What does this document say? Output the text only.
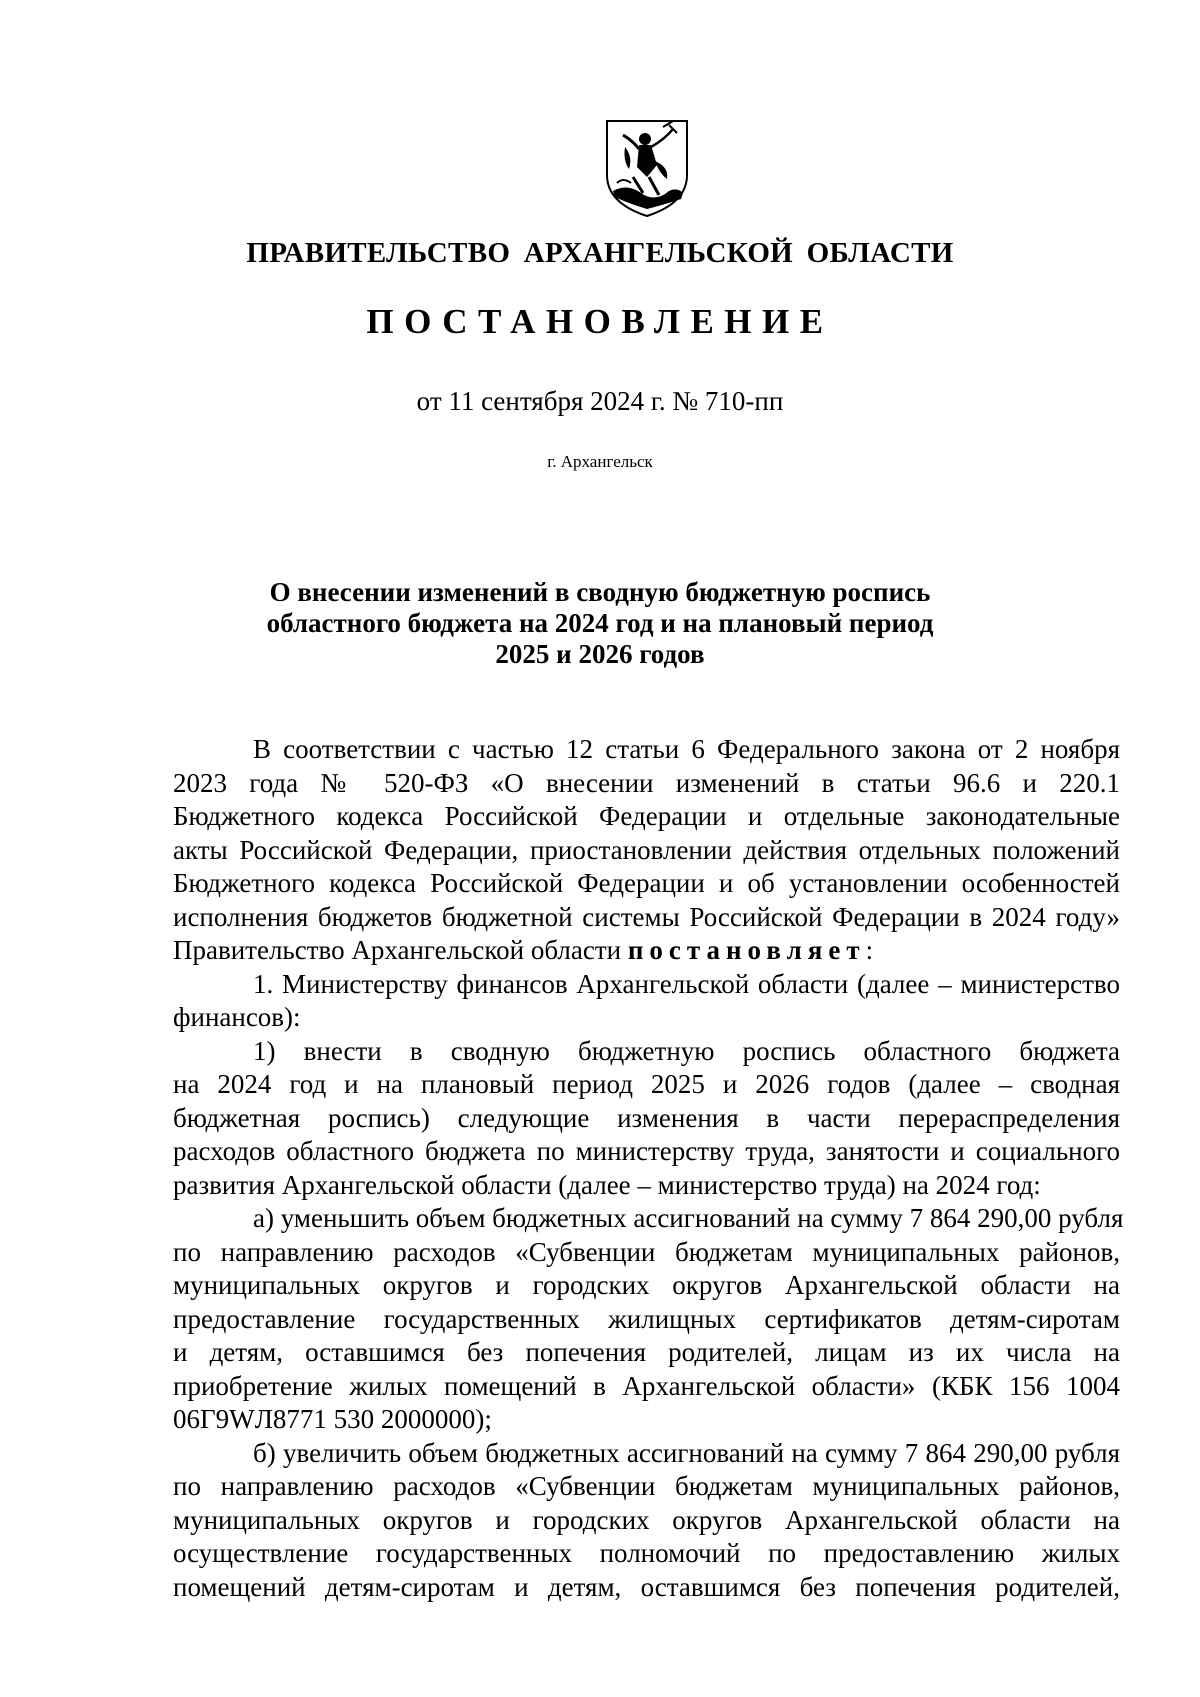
ПРАВИТЕЛЬСТВО АРХАНГЕЛЬСКОЙ ОБЛАСТИ
ПОСТАНОВЛЕНИЕ
от 11 сентября 2024 г. № 710-пп
г. Архангельск
О внесении изменений в сводную бюджетную роспись
областного бюджета на 2024 год и на плановый период
2025 и 2026 годов
В соответствии с частью 12 статьи 6 Федерального закона от 2 ноября
2023 года № 520-ФЗ «О внесении изменений в статьи 96.6 и 220.1
Бюджетного кодекса Российской Федерации и отдельные законодательные
акты Российской Федерации, приостановлении действия отдельных положений
Бюджетного кодекса Российской Федерации и об установлении особенностей
исполнения бюджетов бюджетной системы Российской Федерации в 2024 году»
Правительство Архангельской области постановляет:
1. Министерству финансов Архангельской области (далее – министерство
финансов):
1) внести в сводную бюджетную роспись областного бюджета
на 2024 год и на плановый период 2025 и 2026 годов (далее – сводная
бюджетная роспись) следующие изменения в части перераспределения
расходов областного бюджета по министерству труда, занятости и социального
развития Архангельской области (далее – министерство труда) на 2024 год:
а) уменьшить объем бюджетных ассигнований на сумму 7 864 290,00 рубля
по направлению расходов «Субвенции бюджетам муниципальных районов,
муниципальных округов и городских округов Архангельской области на
предоставление государственных жилищных сертификатов детям-сиротам
и детям, оставшимся без попечения родителей, лицам из их числа на
приобретение жилых помещений в Архангельской области» (КБК 156 1004
06Г9WЛ8771 530 2000000);
б) увеличить объем бюджетных ассигнований на сумму 7 864 290,00 рубля
по направлению расходов «Субвенции бюджетам муниципальных районов,
муниципальных округов и городских округов Архангельской области на
осуществление государственных полномочий по предоставлению жилых
помещений детям-сиротам и детям, оставшимся без попечения родителей,
